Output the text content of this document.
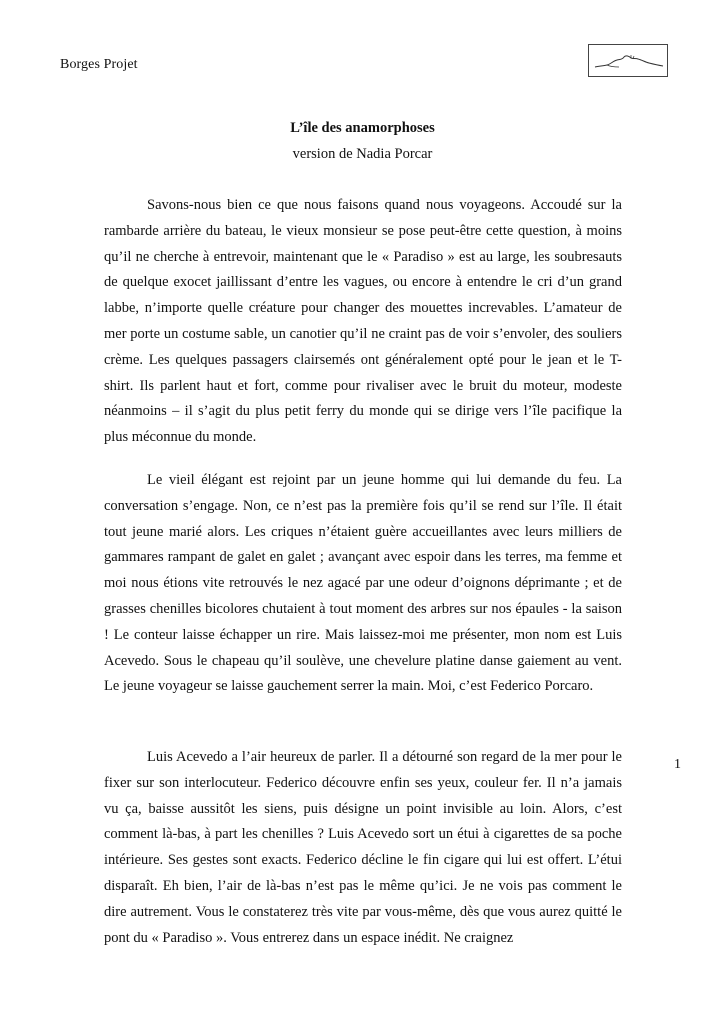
Borges Projet
L’île des anamorphoses
version de Nadia Porcar

Savons-nous bien ce que nous faisons quand nous voyageons. Accoudé sur la rambarde arrière du bateau, le vieux monsieur se pose peut-être cette question, à moins qu’il ne cherche à entrevoir, maintenant que le « Paradiso » est au large, les soubresauts de quelque exocet jaillissant d’entre les vagues, ou encore à entendre le cri d’un grand labbe, n’importe quelle créature pour changer des mouettes increvables. L’amateur de mer porte un costume sable, un canotier qu’il ne craint pas de voir s’envoler, des souliers crème. Les quelques passagers clairsemés ont généralement opté pour le jean et le T-shirt. Ils parlent haut et fort, comme pour rivaliser avec le bruit du moteur, modeste néanmoins – il s’agit du plus petit ferry du monde qui se dirige vers l’île pacifique la plus méconnue du monde.

Le vieil élégant est rejoint par un jeune homme qui lui demande du feu. La conversation s’engage. Non, ce n’est pas la première fois qu’il se rend sur l’île. Il était tout jeune marié alors. Les criques n’étaient guère accueillantes avec leurs milliers de gammares rampant de galet en galet ; avançant avec espoir dans les terres, ma femme et moi nous étions vite retrouvés le nez agacé par une odeur d’oignons déprimante ; et de grasses chenilles bicolores chutaient à tout moment des arbres sur nos épaules - la saison ! Le conteur laisse échapper un rire. Mais laissez-moi me présenter, mon nom est Luis Acevedo. Sous le chapeau qu’il soulève, une chevelure platine danse gaiement au vent. Le jeune voyageur se laisse gauchement serrer la main. Moi, c’est Federico Porcaro.

Luis Acevedo a l’air heureux de parler. Il a détourné son regard de la mer pour le fixer sur son interlocuteur. Federico découvre enfin ses yeux, couleur fer. Il n’a jamais vu ça, baisse aussitôt les siens, puis désigne un point invisible au loin. Alors, c’est comment là-bas, à part les chenilles ? Luis Acevedo sort un étui à cigarettes de sa poche intérieure. Ses gestes sont exacts. Federico décline le fin cigare qui lui est offert. L’étui disparaît. Eh bien, l’air de là-bas n’est pas le même qu’ici. Je ne vois pas comment le dire autrement. Vous le constaterez très vite par vous-même, dès que vous aurez quitté le pont du « Paradiso ». Vous entrerez dans un espace inédit. Ne craignez

1
